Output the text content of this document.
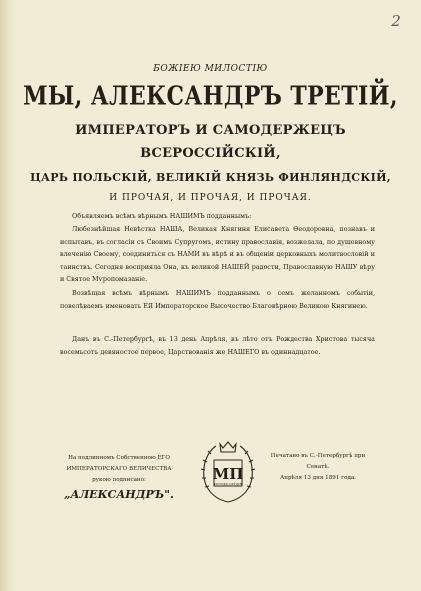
2
БОЖІЕЮ МИЛОСТІЮ
МЫ, АЛЕКСАНДРЪ ТРЕТІЙ,
ИМПЕРАТОРЪ И САМОДЕРЖЕЦЪ
ВСЕРОССІЙСКІЙ,
ЦАРЬ ПОЛЬСКІЙ, ВЕЛИКІЙ КНЯЗЬ ФИНЛЯНДСКІЙ,
И ПРОЧАЯ, И ПРОЧАЯ, И ПРОЧАЯ.
Объявляемъ всѣмъ вѣрнымъ НАШИМЪ подданнымъ:
Любезнѣйшая Невѣстка НАША, Великая Княгиня Елисавета Ѳеодоровна, познавъ и испытавъ, въ согласіи съ Своимъ Супругомъ, истину православія, возжелала, по душевному влеченію Своему, соединиться съ НАМИ въ вѣрѣ и въ общеніи церковныхъ молитвословій и таинствъ. Сегодня восприяла Она, къ великой НАШЕЙ радости, Православную НАШУ вѣру и Святое Мѵропомазаніе.
Возвѣщая всѣмъ вѣрнымъ НАШИМЪ подданнымъ о семъ желанномъ событіи, повелѣваемъ именовать ЕЯ Императорское Высочество Благовѣрною Великою Княгинею.
Данъ въ С.-Петербургѣ, въ 13 день Апрѣля, въ лѣто отъ Рождества Христова тысяча восемьсотъ девяностое первое, Царствованія же НАШЕГО въ одиннадцатое.
На подлинномъ Собственною ЕГО ИМПЕРАТОРСКАГО ВЕЛИЧЕСТВА рукою подписано:
„АЛЕКСАНДРЪ".
МП
ИСТОКЪ ОРУДІЯ
Печатано въ С.-Петербургѣ при Сенатѣ.
Апрѣля 13 дня 1891 года.
